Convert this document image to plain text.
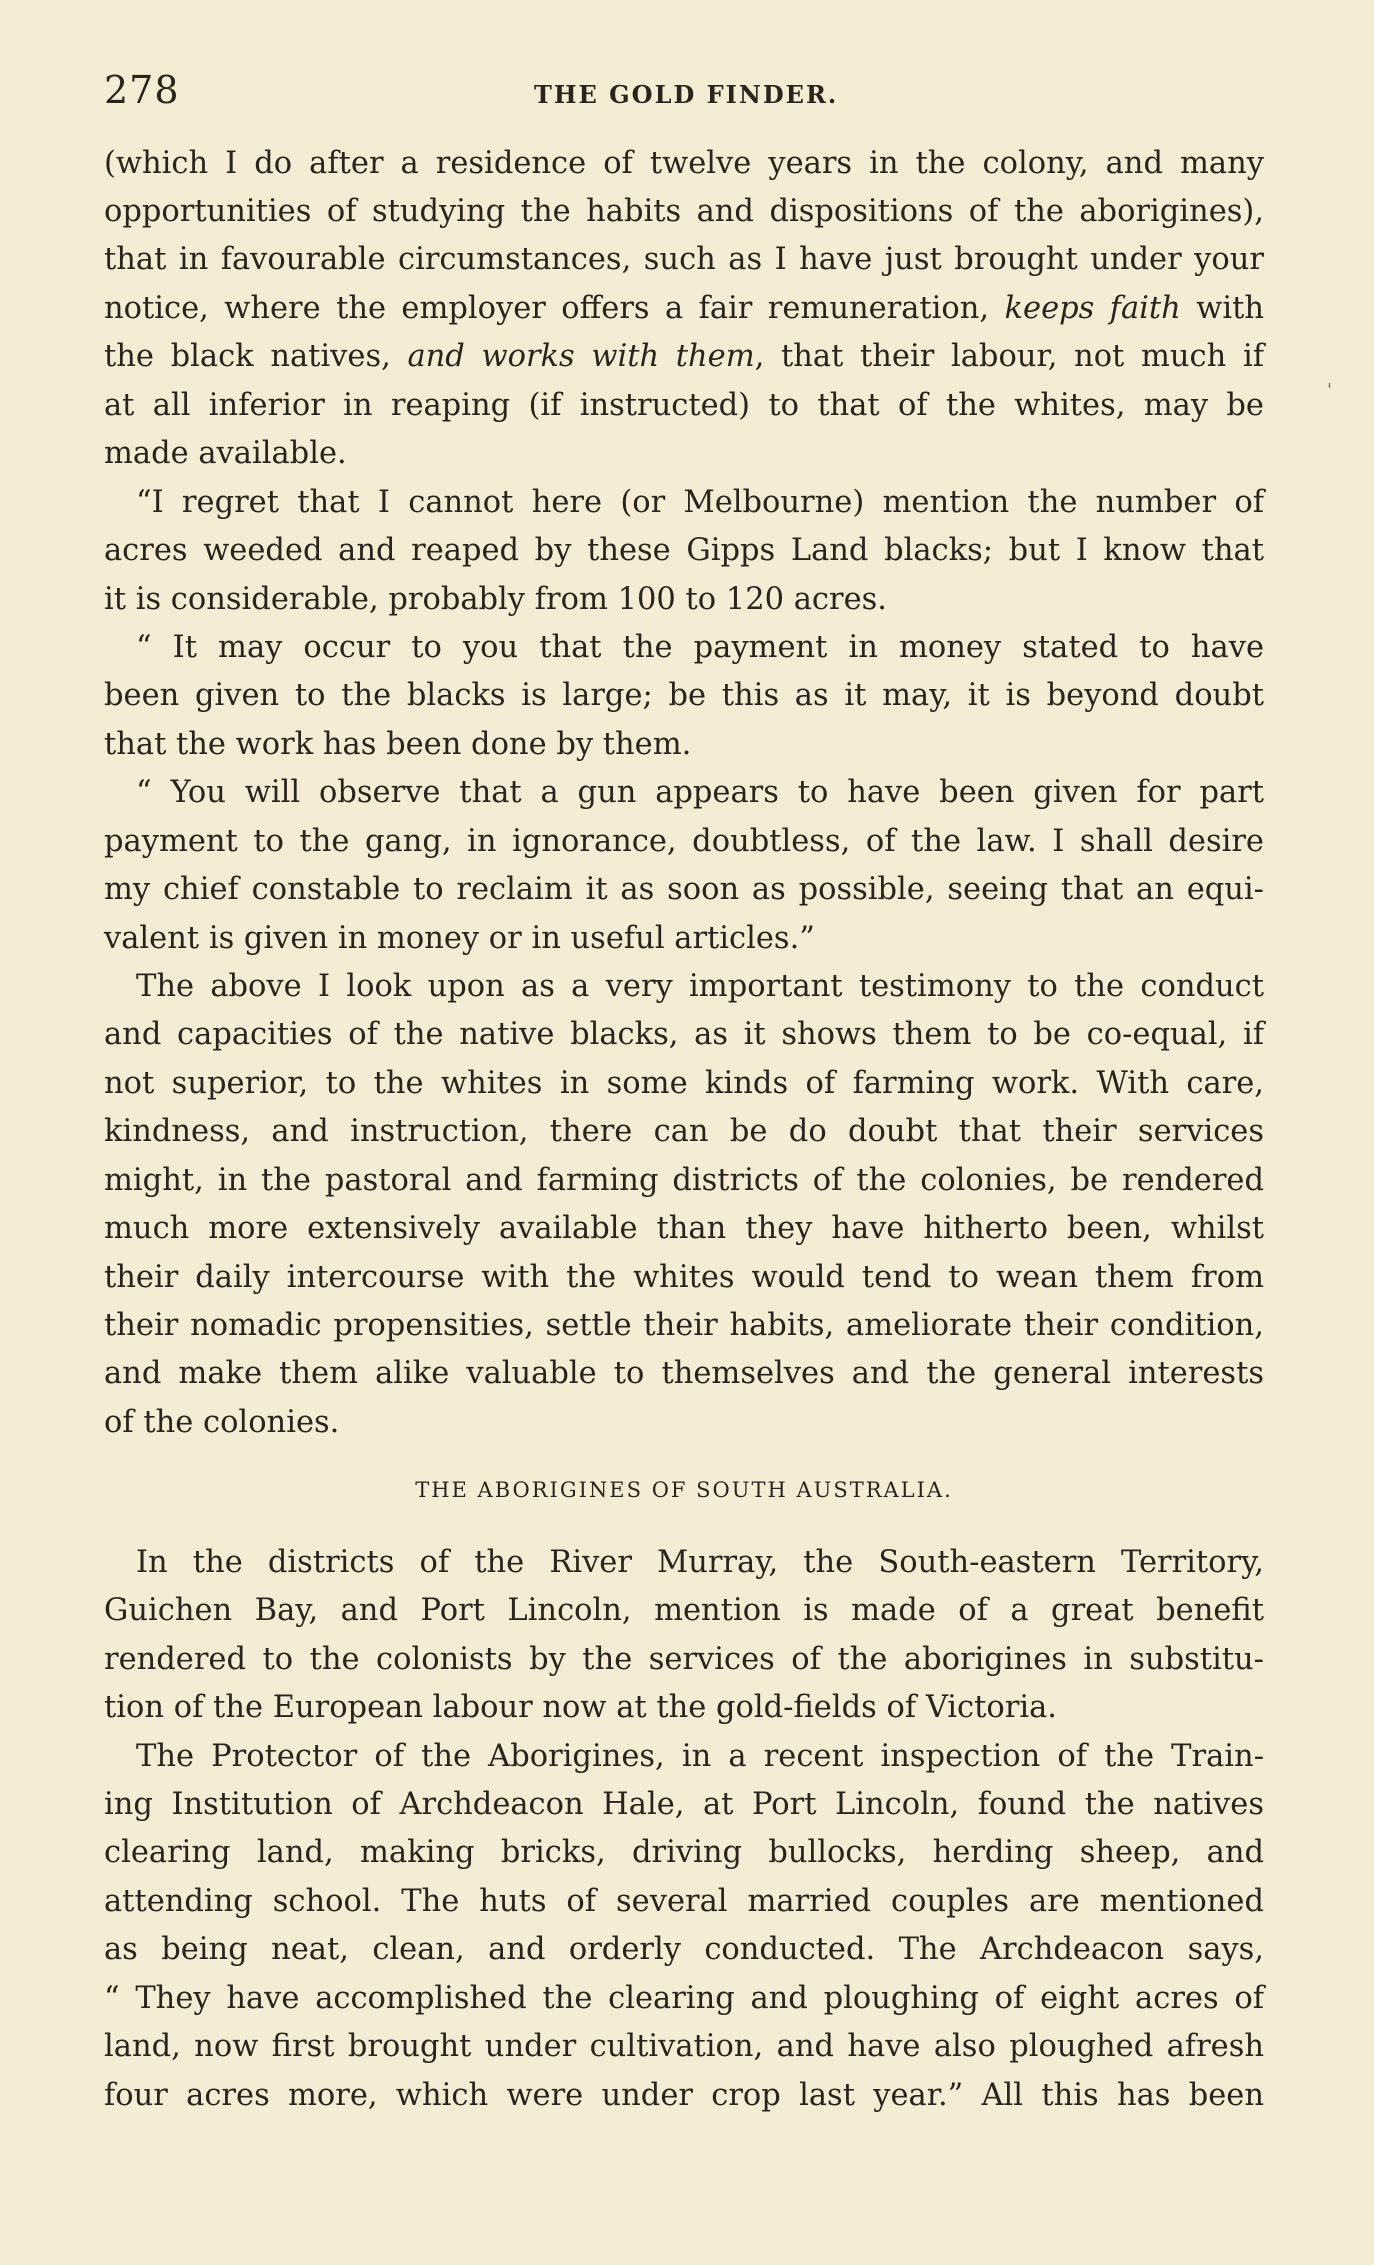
278	THE GOLD FINDER.
'
(which I do after a residence of twelve years in the colony, and many
opportunities of studying the habits and dispositions of the aborigines),
that in favourable circumstances, such as I have just brought under your
notice, where the employer offers a fair remuneration, keeps faith with
the black natives, and works with them, that their labour, not much if
at all inferior in reaping (if instructed) to that of the whites, may be
made available.
“I regret that I cannot here (or Melbourne) mention the number of
acres weeded and reaped by these Gipps Land blacks; but I know that
it is considerable, probably from 100 to 120 acres.
“ It may occur to you that the payment in money stated to have
been given to the blacks is large; be this as it may, it is beyond doubt
that the work has been done by them.
“ You will observe that a gun appears to have been given for part
payment to the gang, in ignorance, doubtless, of the law. I shall desire
my chief constable to reclaim it as soon as possible, seeing that an equi-
valent is given in money or in useful articles.”
The above I look upon as a very important testimony to the conduct
and capacities of the native blacks, as it shows them to be co-equal, if
not superior, to the whites in some kinds of farming work. With care,
kindness, and instruction, there can be do doubt that their services
might, in the pastoral and farming districts of the colonies, be rendered
much more extensively available than they have hitherto been, whilst
their daily intercourse with the whites would tend to wean them from
their nomadic propensities, settle their habits, ameliorate their condition,
and make them alike valuable to themselves and the general interests
of the colonies.
THE ABORIGINES OF SOUTH AUSTRALIA.
In the districts of the River Murray, the South-eastern Territory,
Guichen Bay, and Port Lincoln, mention is made of a great benefit
rendered to the colonists by the services of the aborigines in substitu-
tion of the European labour now at the gold-fields of Victoria.
The Protector of the Aborigines, in a recent inspection of the Train-
ing Institution of Archdeacon Hale, at Port Lincoln, found the natives
clearing land, making bricks, driving bullocks, herding sheep, and
attending school. The huts of several married couples are mentioned
as being neat, clean, and orderly conducted. The Archdeacon says,
“ They have accomplished the clearing and ploughing of eight acres of
land, now first brought under cultivation, and have also ploughed afresh
four acres more, which were under crop last year.” All this has been
